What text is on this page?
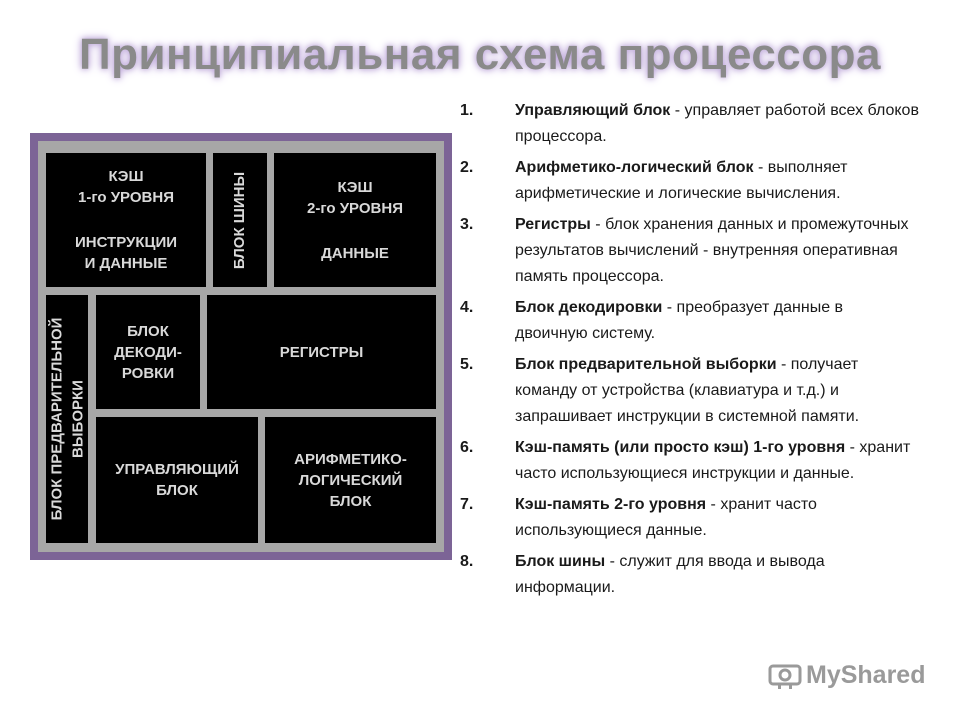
Принципиальная схема процессора
КЭШ
1-го УРОВНЯ
ИНСТРУКЦИИ
И ДАННЫЕ	БЛОК ШИНЫ	КЭШ
2-го УРОВНЯ
ДАННЫЕ
БЛОК ПРЕДВАРИТЕЛЬНОЙ ВЫБОРКИ
БЛОК
ДЕКОДИ-
РОВКИ
РЕГИСТРЫ
УПРАВЛЯЮЩИЙ
БЛОК
АРИФМЕТИКО-
ЛОГИЧЕСКИЙ
БЛОК
1.	Управляющий блок - управляет работой всех блоков процессора.
2.	Арифметико-логический блок - выполняет арифметические и логические вычисления.
3.	Регистры - блок хранения данных и промежуточных результатов вычислений - внутренняя оперативная память процессора.
4.	Блок декодировки - преобразует данные в двоичную систему.
5.	Блок предварительной выборки - получает команду от устройства (клавиатура и т.д.) и запрашивает инструкции в системной памяти.
6.	Кэш-память (или просто кэш) 1-го уровня - хранит часто использующиеся инструкции и данные.
7.	Кэш-память 2-го уровня - хранит часто использующиеся данные.
8.	Блок шины - служит для ввода и вывода информации.
MyShared
